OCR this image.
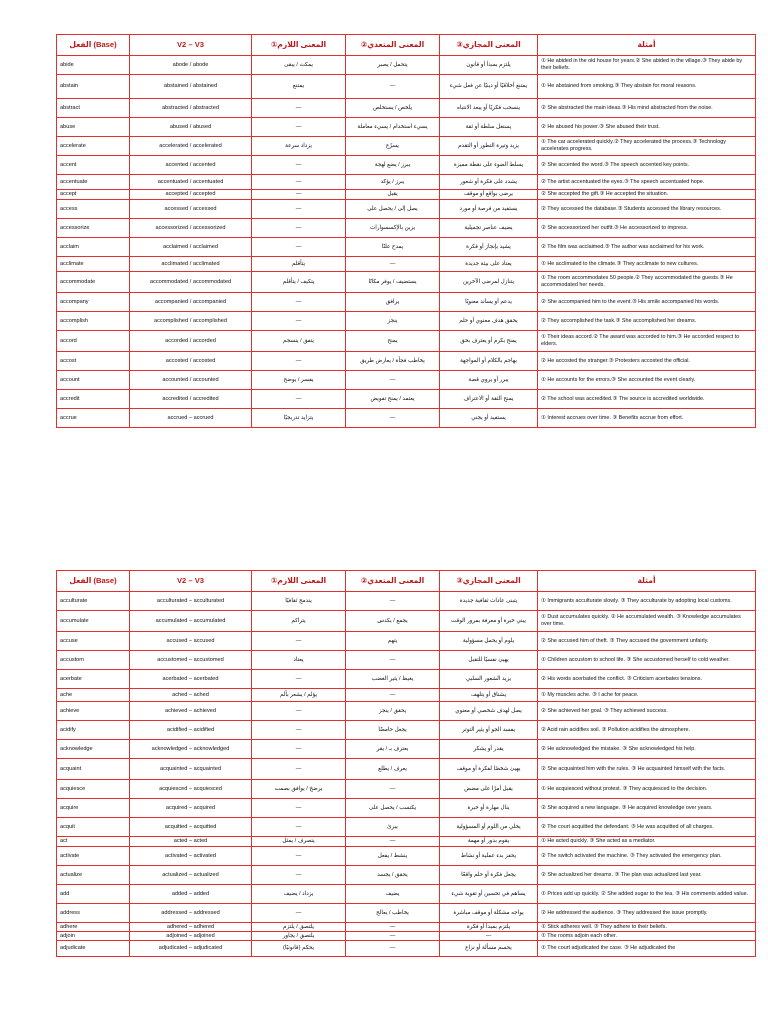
الفعل (Base)	V2 – V3	المعنى اللازم①	المعنى المتعدي②	المعنى المجازي③	أمثلة
abide	abode / abode	يمكث / يبقى	يتحمل / يصبر	يلتزم بمبدأ أو قانون	① He abided in the old house for years.② She abided in the village.③ They abide by their beliefs.
abstain	abstained / abstained	يمتنع	—	يمتنع أخلاقيًا أو دينيًا عن فعل شيء	① He abstained from smoking.③ They abstain for moral reasons.
abstract	abstracted / abstracted	—	يلخص / يستخلص	ينسحب فكريًا أو يبعد الانتباه	② She abstracted the main ideas.③ His mind abstracted from the noise.
abuse	abused / abused	—	يسيء استخدام / يسيء معاملة	يستغل سلطة أو ثقة	② He abused his power.③ She abused their trust.
accelerate	accelerated / accelerated	يزداد سرعة	يسرّع	يزيد وتيرة التطور أو التقدم	① The car accelerated quickly.② They accelerated the process.③ Technology accelerates progress.
accent	accented / accented	—	يبرز / يضع لهجة	يسلط الضوء على نقطة مميزة	② She accented the word.③ The speech accented key points.
accentuate	accentuated / accentuated	—	يبرز / يؤكد	يشدد على فكرة أو شعور	② The artist accentuated the eyes.③ The speech accentuated hope.
accept	accepted / accepted	—	يقبل	يرضى بواقع أو موقف	② She accepted the gift.③ He accepted the situation.
access	accessed / accessed	—	يصل إلى / يحصل على	يستفيد من فرصة أو مورد	② They accessed the database.③ Students accessed the library resources.
accessorize	accessorized / accessorized	—	يزين بالإكسسوارات	يضيف عناصر تجميلية	② She accessorized her outfit.③ He accessorized to impress.
acclaim	acclaimed / acclaimed	—	يمدح علنًا	يشيد بإنجاز أو فكرة	② The film was acclaimed.③ The author was acclaimed for his work.
acclimate	acclimated / acclimated	يتأقلم	—	يعتاد على بيئة جديدة	① He acclimated to the climate.③ They acclimate to new cultures.
accommodate	accommodated / accommodated	يتكيف / يتأقلم	يستضيف / يوفر مكانًا	يتنازل لمرضى الآخرين	① The room accommodates 50 people.② They accommodated the guests.③ He accommodated her needs.
accompany	accompanied / accompanied	—	يرافق	يدعم أو يساند معنويًا	② She accompanied him to the event.③ His smile accompanied his words.
accomplish	accomplished / accomplished	—	ينجز	يحقق هدف معنوي أو حلم	② They accomplished the task.③ She accomplished her dreams.
accord	accorded / accorded	يتفق / ينسجم	يمنح	يمنح بكرم أو يعترف بحق	① Their ideas accord.② The award was accorded to him.③ He accorded respect to elders.
accost	accosted / accosted	—	يخاطب فجأة / يعارض طريق	يهاجم بالكلام أو المواجهة	② He accosted the stranger.③ Protesters accosted the official.
account	accounted / accounted	يفسر / يوضح	—	يبرر أو يروي قصة	① He accounts for the errors.③ She accounted the event clearly.
accredit	accredited / accredited	—	يعتمد / يمنح تفويض	يمنح الثقة أو الاعتراف	② The school was accredited.③ The source is accredited worldwide.
accrue	accrued – accrued	يتزايد تدريجيًا	—	يستفيد أو يجني	① Interest accrues over time. ③ Benefits accrue from effort.
الفعل (Base)	V2 – V3	المعنى اللازم①	المعنى المتعدي②	المعنى المجازي③	أمثلة
acculturate	acculturated – acculturated	يندمج ثقافيًا	—	يتبنى عادات ثقافية جديدة	① Immigrants acculturate slowly. ③ They acculturate by adopting local customs.
accumulate	accumulated – accumulated	يتراكم	يجمع / يكدس	يبني خبرة أو معرفة بمرور الوقت	① Dust accumulates quickly. ② He accumulated wealth. ③ Knowledge accumulates over time.
accuse	accused – accused	—	يتهم	يلوم أو يحمل مسؤولية	② She accused him of theft. ③ They accused the government unfairly.
accustom	accustomed – accustomed	يعتاد	—	يهيئ نفسيًا للتقبل	① Children accustom to school life. ③ She accustomed herself to cold weather.
acerbate	acerbated – acerbated	—	يغيظ / يثير الغضب	يزيد الشعور السلبي	② His words acerbated the conflict. ③ Criticism acerbates tensions.
ache	ached – ached	يؤلم / يشعر بألم	—	يشتاق أو يتلهف	① My muscles ache. ③ I ache for peace.
achieve	achieved – achieved	—	يحقق / ينجز	يصل لهدف شخصي أو معنوي	② She achieved her goal. ③ They achieved success.
acidify	acidified – acidified	—	يجعل حامضًا	يفسد الجو أو يثير التوتر	② Acid rain acidifies soil. ③ Pollution acidifies the atmosphere.
acknowledge	acknowledged – acknowledged	—	يعترف بـ / يقر	يقدر أو يشكر	② He acknowledged the mistake. ③ She acknowledged his help.
acquaint	acquainted – acquainted	—	يعرف / يطلع	يهيئ شخصًا لفكرة أو موقف	② She acquainted him with the rules. ③ He acquainted himself with the facts.
acquiesce	acquiesced – acquiesced	يرضخ / يوافق بصمت	—	يقبل أمرًا على مضض	① He acquiesced without protest. ③ They acquiesced to the decision.
acquire	acquired – acquired	—	يكتسب / يحصل على	ينال مهارة أو خبرة	② She acquired a new language. ③ He acquired knowledge over years.
acquit	acquitted – acquitted	—	يبرئ	يخلي من اللوم أو المسؤولية	② The court acquitted the defendant. ③ He was acquitted of all charges.
act	acted – acted	يتصرف / يمثل	—	يقوم بدور أو مهمة	① He acted quickly. ③ She acted as a mediator.
activate	activated – activated	—	ينشط / يفعل	يحفز بدء عملية أو نشاط	② The switch activated the machine. ③ They activated the emergency plan.
actualize	actualized – actualized	—	يحقق / يجسد	يجعل فكرة أو حلم واقعًا	② She actualized her dreams. ③ The plan was actualized last year.
add	added – added	يزداد / يضيف	يضيف	يساهم في تحسين أو تقوية شيء	① Prices add up quickly. ② She added sugar to the tea. ③ His comments added value.
address	addressed – addressed	—	يخاطب / يعالج	يواجه مشكلة أو موقف مباشرة	② He addressed the audience. ③ They addressed the issue promptly.
adhere	adhered – adhered	يلتصق / يلتزم	—	يلتزم بمبدأ أو فكرة	① Stick adheres well. ③ They adhere to their beliefs.
adjoin	adjoined – adjoined	يلتصق / يجاور	—	—	① The rooms adjoin each other.
adjudicate	adjudicated – adjudicated	يحكم (قانونيًا)	—	يحسم مسألة أو نزاع	① The court adjudicated the case. ③ He adjudicated the
